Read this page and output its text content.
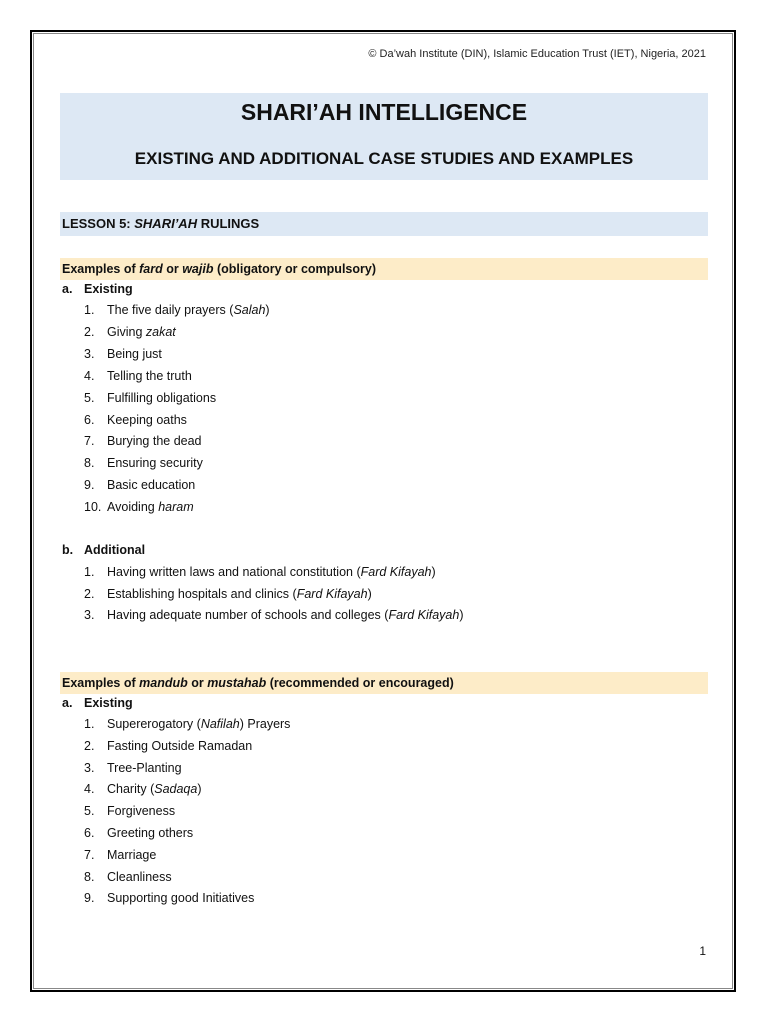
© Da’wah Institute (DIN), Islamic Education Trust (IET), Nigeria, 2021
SHARI’AH INTELLIGENCE
EXISTING AND ADDITIONAL CASE STUDIES AND EXAMPLES
LESSON 5: SHARI’AH RULINGS
Examples of fard or wajib (obligatory or compulsory)
a. Existing
1. The five daily prayers (Salah)
2. Giving zakat
3. Being just
4. Telling the truth
5. Fulfilling obligations
6. Keeping oaths
7. Burying the dead
8. Ensuring security
9. Basic education
10. Avoiding haram
b. Additional
1. Having written laws and national constitution (Fard Kifayah)
2. Establishing hospitals and clinics (Fard Kifayah)
3. Having adequate number of schools and colleges (Fard Kifayah)
Examples of mandub or mustahab (recommended or encouraged)
a. Existing
1. Supererogatory (Nafilah) Prayers
2. Fasting Outside Ramadan
3. Tree-Planting
4. Charity (Sadaqa)
5. Forgiveness
6. Greeting others
7. Marriage
8. Cleanliness
9. Supporting good Initiatives
1
